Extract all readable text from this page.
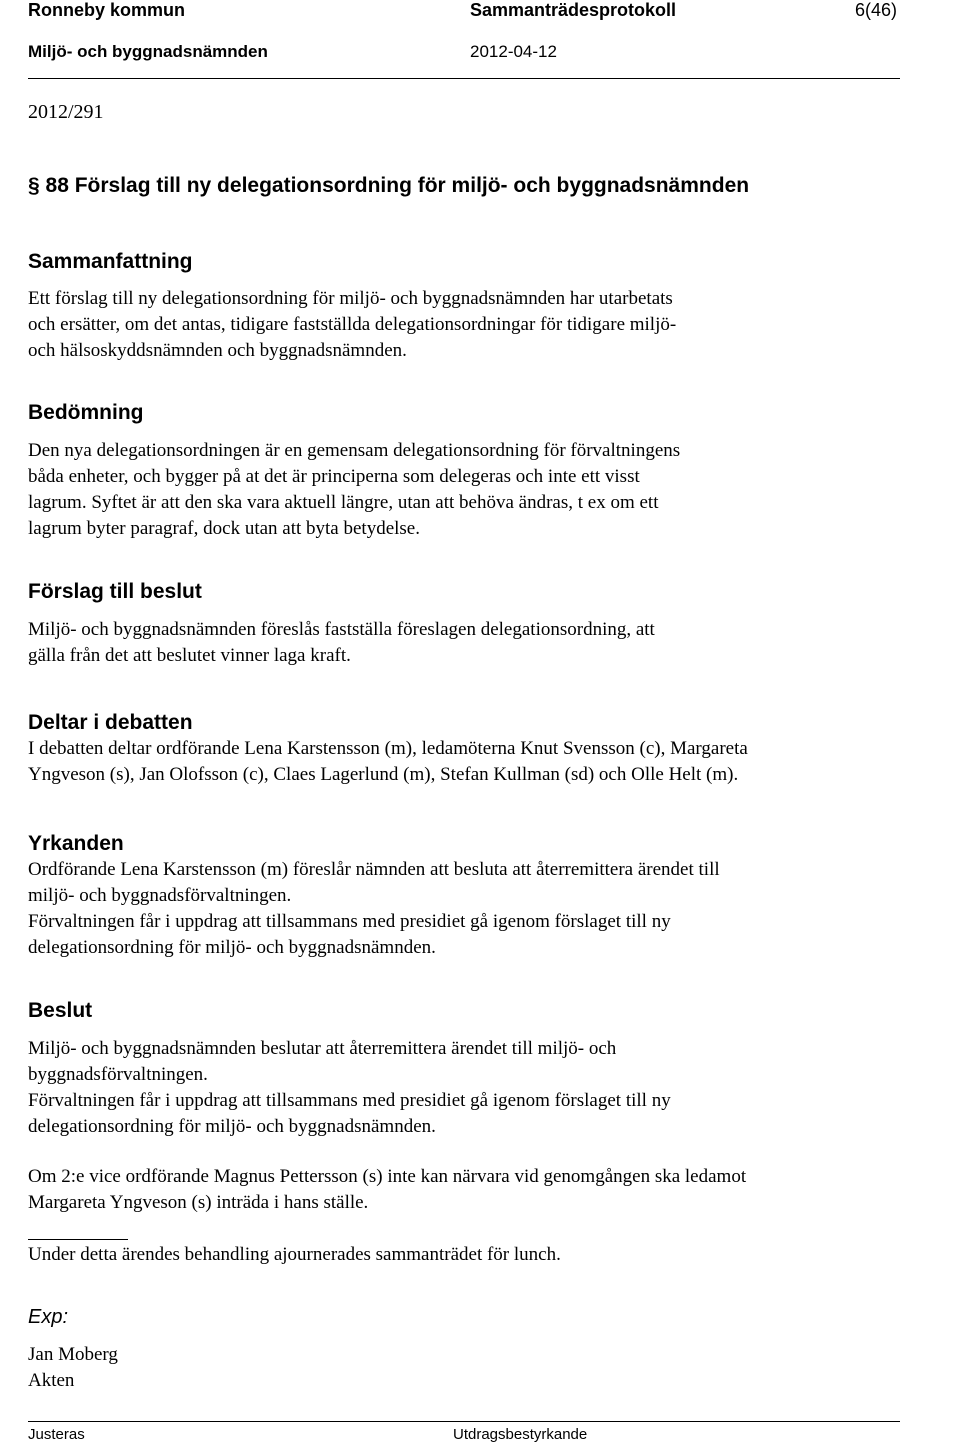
Ronneby kommun	Sammanträdesprotokoll	6(46)
Miljö- och byggnadsnämnden	2012-04-12
2012/291
§ 88 Förslag till ny delegationsordning för miljö- och byggnadsnämnden
Sammanfattning
Ett förslag till ny delegationsordning för miljö- och byggnadsnämnden har utarbetats
och ersätter, om det antas, tidigare fastställda delegationsordningar för tidigare miljö-
och hälsoskyddsnämnden och byggnadsnämnden.
Bedömning
Den nya delegationsordningen är en gemensam delegationsordning för förvaltningens
båda enheter, och bygger på at det är principerna som delegeras och inte ett visst
lagrum. Syftet är att den ska vara aktuell längre, utan att behöva ändras, t ex om ett
lagrum byter paragraf, dock utan att byta betydelse.
Förslag till beslut
Miljö- och byggnadsnämnden föreslås fastställa föreslagen delegationsordning, att
gälla från det att beslutet vinner laga kraft.
Deltar i debatten
I debatten deltar ordförande Lena Karstensson (m), ledamöterna Knut Svensson (c), Margareta
Yngveson (s), Jan Olofsson (c), Claes Lagerlund (m), Stefan Kullman (sd) och Olle Helt (m).
Yrkanden
Ordförande Lena Karstensson (m) föreslår nämnden att besluta att återremittera ärendet till
miljö- och byggnadsförvaltningen.
Förvaltningen får i uppdrag att tillsammans med presidiet gå igenom förslaget till ny
delegationsordning för miljö- och byggnadsnämnden.
Beslut
Miljö- och byggnadsnämnden beslutar att återremittera ärendet till miljö- och
byggnadsförvaltningen.
Förvaltningen får i uppdrag att tillsammans med presidiet gå igenom förslaget till ny
delegationsordning för miljö- och byggnadsnämnden.
Om 2:e vice ordförande Magnus Pettersson (s) inte kan närvara vid genomgången ska ledamot
Margareta Yngveson (s) inträda i hans ställe.
Under detta ärendes behandling ajournerades sammanträdet för lunch.
Exp:
Jan Moberg
Akten
Justeras	Utdragsbestyrkande
